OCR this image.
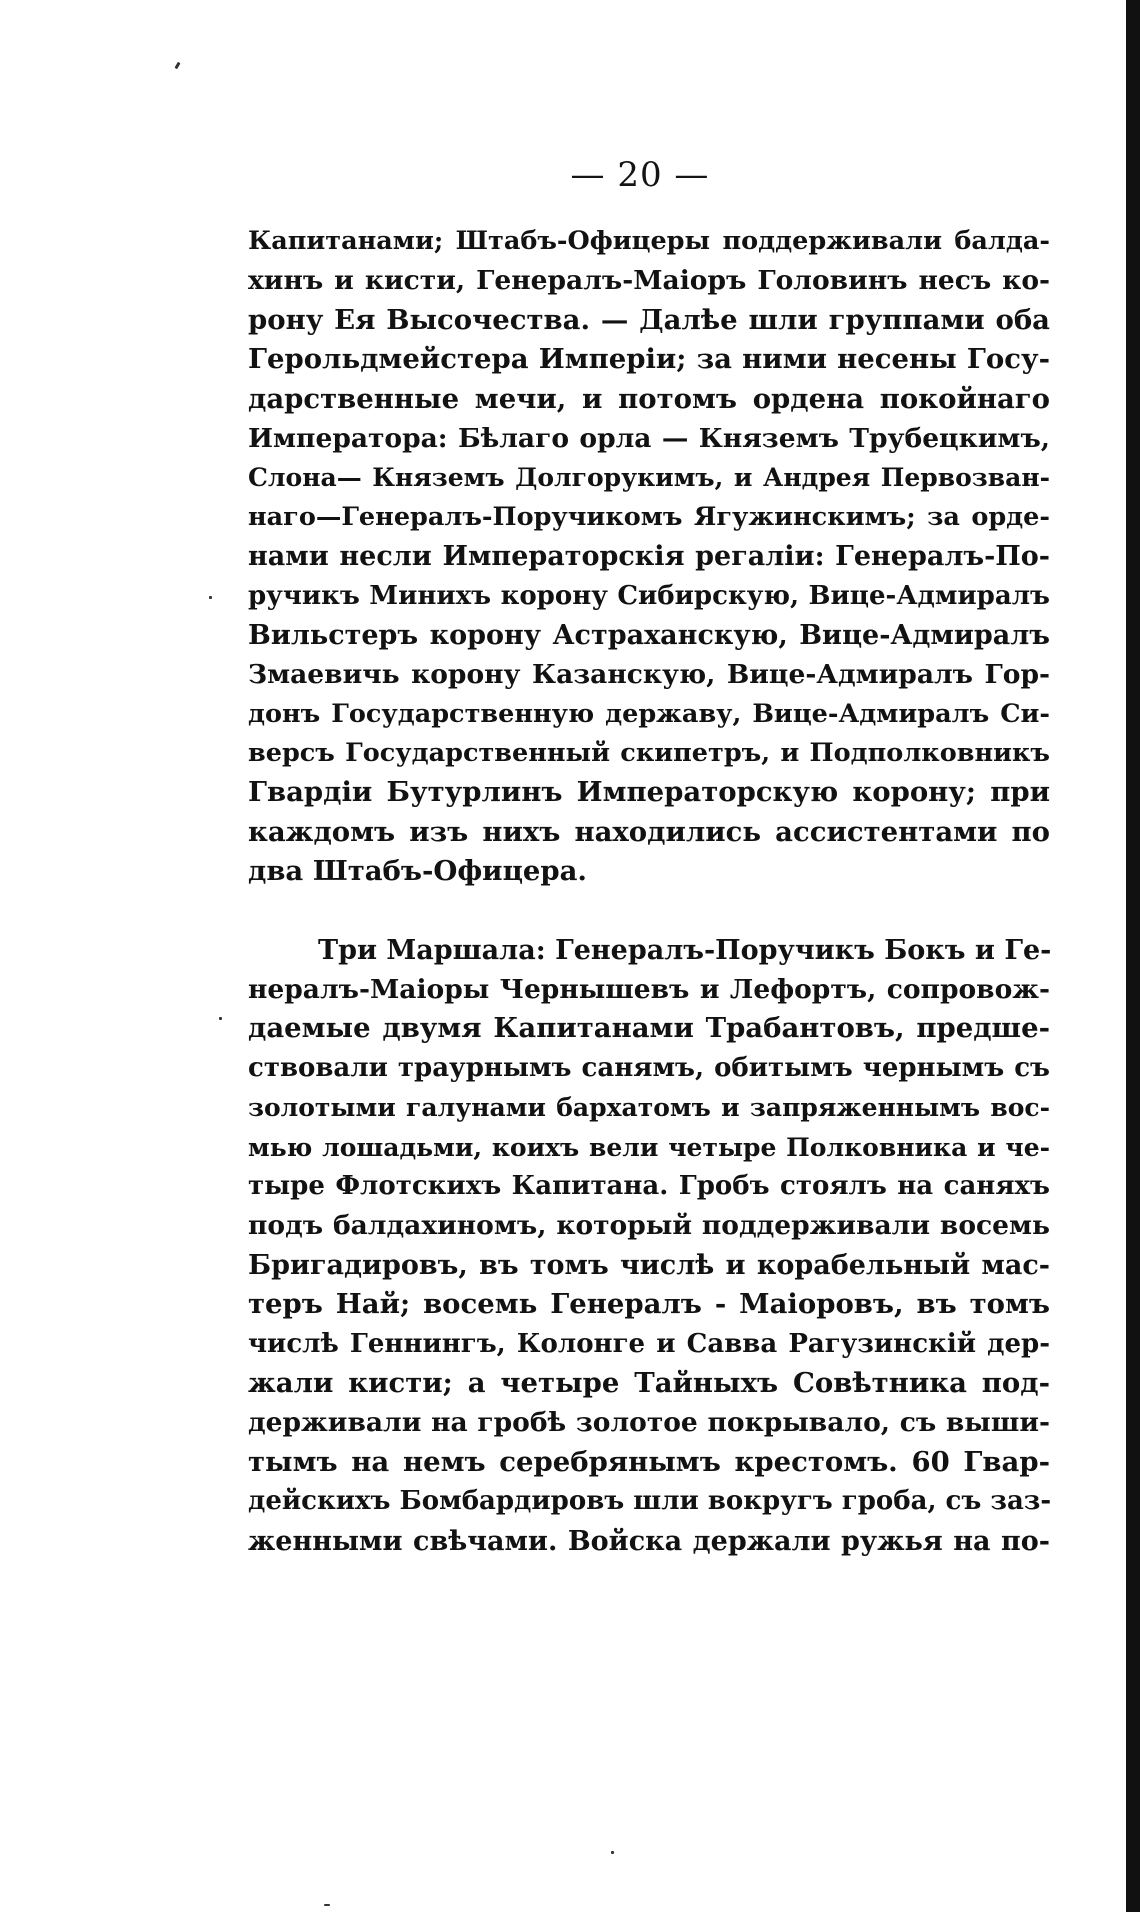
— 20 —
Капитанами; Штабъ-Офицеры поддерживали балда-
хинъ и кисти, Генералъ-Маіоръ Головинъ несъ ко-
рону Ея Высочества. — Далѣе шли группами оба
Герольдмейстера Имперіи; за ними несены Госу-
дарственные мечи, и потомъ ордена покойнаго
Императора: Бѣлаго орла — Княземъ Трубецкимъ,
Слона— Княземъ Долгорукимъ, и Андрея Первозван-
наго—Генералъ-Поручикомъ Ягужинскимъ; за орде-
нами несли Императорскія регаліи: Генералъ-По-
ручикъ Минихъ корону Сибирскую, Вице-Адмиралъ
Вильстеръ корону Астраханскую, Вице-Адмиралъ
Змаевичь корону Казанскую, Вице-Адмиралъ Гор-
донъ Государственную державу, Вице-Адмиралъ Си-
версъ Государственный скипетръ, и Подполковникъ
Гвардіи Бутурлинъ Императорскую корону; при
каждомъ изъ нихъ находились ассистентами по
два Штабъ-Офицера.
Три Маршала: Генералъ-Поручикъ Бокъ и Ге-
нералъ-Маіоры Чернышевъ и Лефортъ, сопровож-
даемые двумя Капитанами Трабантовъ, предше-
ствовали траурнымъ санямъ, обитымъ чернымъ съ
золотыми галунами бархатомъ и запряженнымъ вос-
мью лошадьми, коихъ вели четыре Полковника и че-
тыре Флотскихъ Капитана. Гробъ стоялъ на саняхъ
подъ балдахиномъ, который поддерживали восемь
Бригадировъ, въ томъ числѣ и корабельный мас-
теръ Най; восемь Генералъ - Маіоровъ, въ томъ
числѣ Геннингъ, Колонге и Савва Рагузинскій дер-
жали кисти; а четыре Тайныхъ Совѣтника под-
держивали на гробѣ золотое покрывало, съ выши-
тымъ на немъ серебрянымъ крестомъ. 60 Гвар-
дейскихъ Бомбардировъ шли вокругъ гроба, съ заз-
женными свѣчами. Войска держали ружья на по-
